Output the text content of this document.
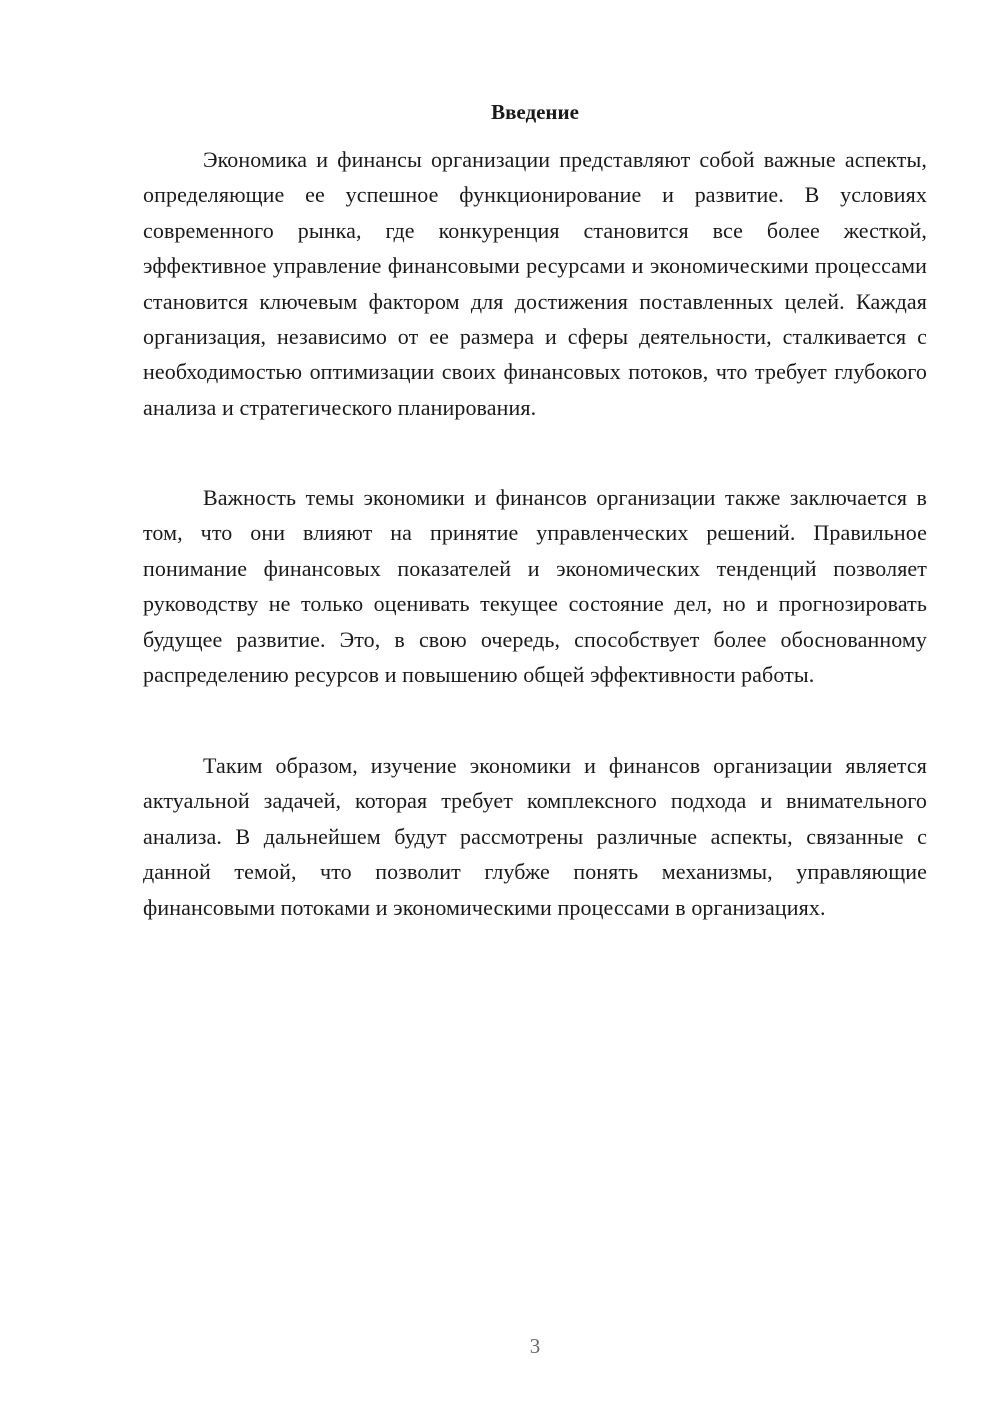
Введение

Экономика и финансы организации представляют собой важные аспекты, определяющие ее успешное функционирование и развитие. В условиях современного рынка, где конкуренция становится все более жесткой, эффективное управление финансовыми ресурсами и экономическими процессами становится ключевым фактором для достижения поставленных целей. Каждая организация, независимо от ее размера и сферы деятельности, сталкивается с необходимостью оптимизации своих финансовых потоков, что требует глубокого анализа и стратегического планирования.

Важность темы экономики и финансов организации также заключается в том, что они влияют на принятие управленческих решений. Правильное понимание финансовых показателей и экономических тенденций позволяет руководству не только оценивать текущее состояние дел, но и прогнозировать будущее развитие. Это, в свою очередь, способствует более обоснованному распределению ресурсов и повышению общей эффективности работы.

Таким образом, изучение экономики и финансов организации является актуальной задачей, которая требует комплексного подхода и внимательного анализа. В дальнейшем будут рассмотрены различные аспекты, связанные с данной темой, что позволит глубже понять механизмы, управляющие финансовыми потоками и экономическими процессами в организациях.

3
